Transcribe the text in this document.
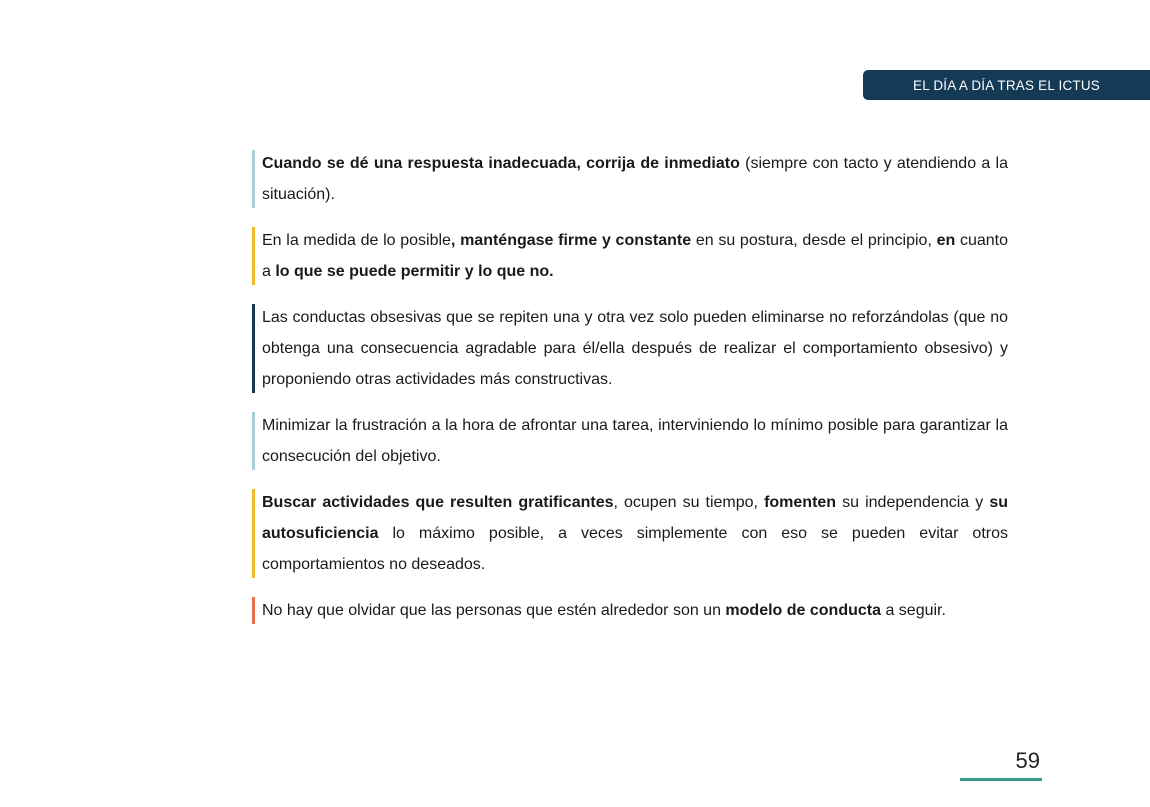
EL DÍA A DÍA TRAS EL ICTUS
Cuando se dé una respuesta inadecuada, corrija de inmediato (siempre con tacto y atendiendo a la situación).
En la medida de lo posible, manténgase firme y constante en su postura, desde el principio, en cuanto a lo que se puede permitir y lo que no.
Las conductas obsesivas que se repiten una y otra vez solo pueden eliminarse no reforzándolas (que no obtenga una consecuencia agradable para él/ella después de realizar el comportamiento obsesivo) y proponiendo otras actividades más constructivas.
Minimizar la frustración a la hora de afrontar una tarea, interviniendo lo mínimo posible para garantizar la consecución del objetivo.
Buscar actividades que resulten gratificantes, ocupen su tiempo, fomenten su independencia y su autosuficiencia lo máximo posible, a veces simplemente con eso se pueden evitar otros comportamientos no deseados.
No hay que olvidar que las personas que estén alrededor son un modelo de conducta a seguir.
59
